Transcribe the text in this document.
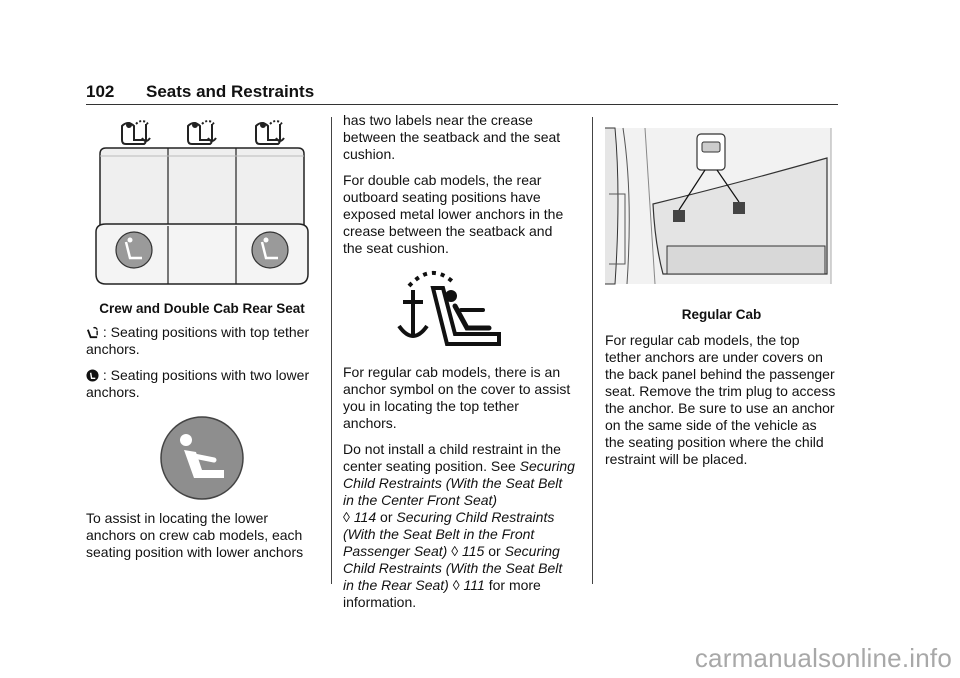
102 Seats and Restraints

Crew and Double Cab Rear Seat

: Seating positions with top tether anchors.

: Seating positions with two lower anchors.

To assist in locating the lower anchors on crew cab models, each seating position with lower anchors

has two labels near the crease between the seatback and the seat cushion.

For double cab models, the rear outboard seating positions have exposed metal lower anchors in the crease between the seatback and the seat cushion.

For regular cab models, there is an anchor symbol on the cover to assist you in locating the top tether anchors.

Do not install a child restraint in the center seating position. See Securing Child Restraints (With the Seat Belt in the Center Front Seat)
◊ 114 or Securing Child Restraints (With the Seat Belt in the Front Passenger Seat) ◊ 115 or Securing Child Restraints (With the Seat Belt in the Rear Seat) ◊ 111 for more information.

Regular Cab

For regular cab models, the top tether anchors are under covers on the back panel behind the passenger seat. Remove the trim plug to access the anchor. Be sure to use an anchor on the same side of the vehicle as the seating position where the child restraint will be placed.

carmanualsonline.info
